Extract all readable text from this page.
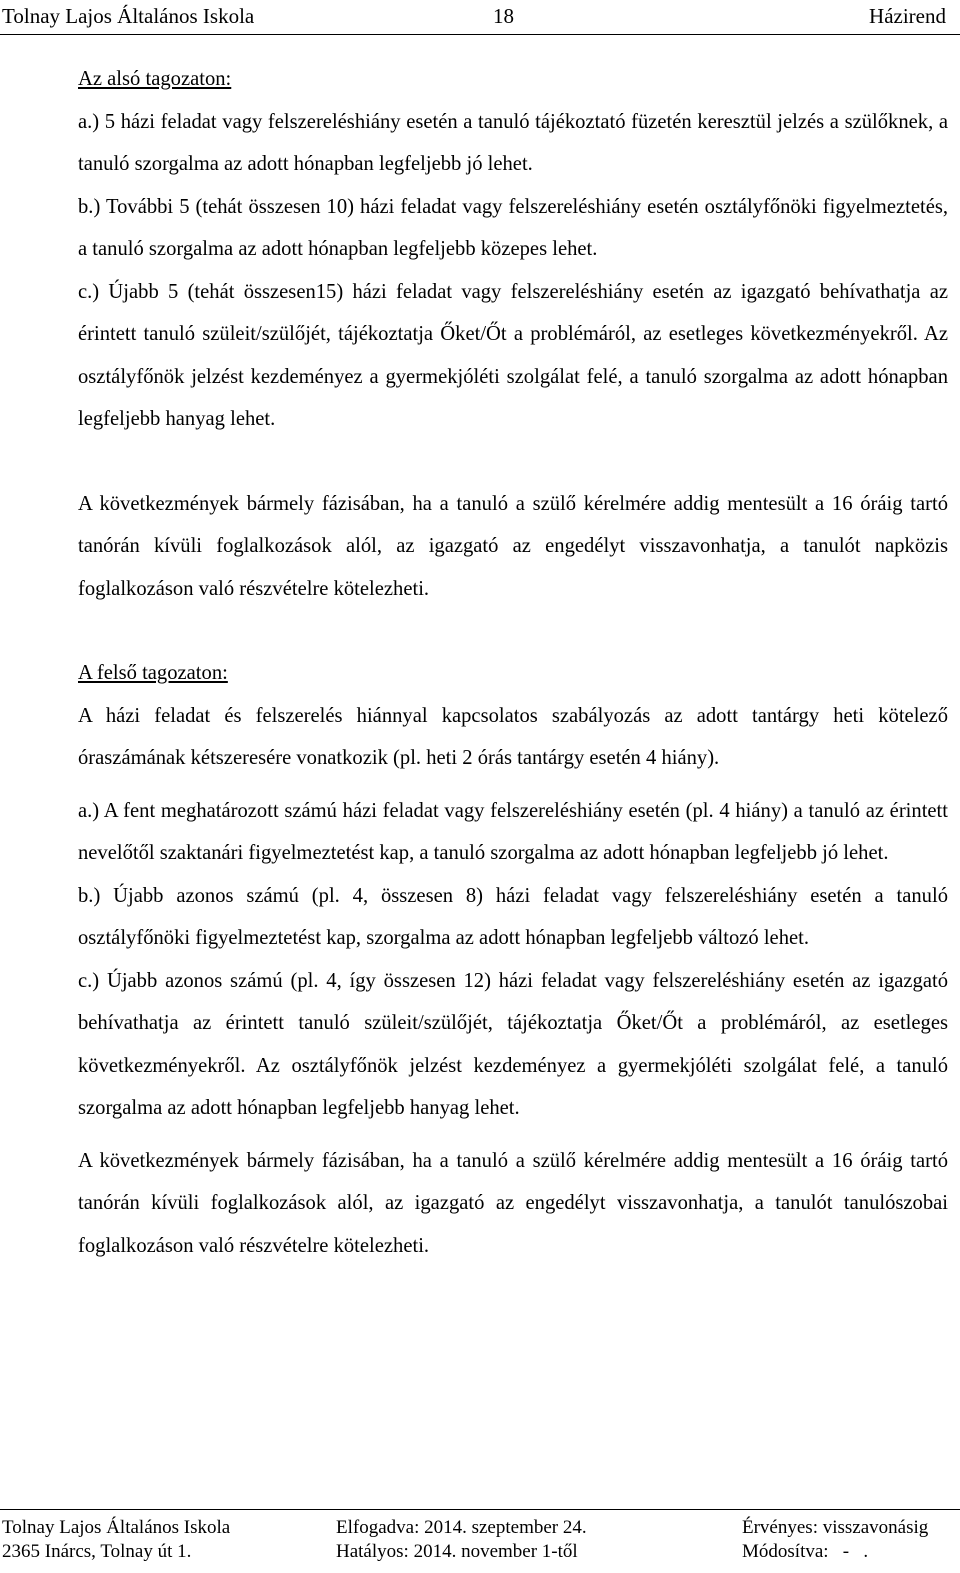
Tolnay Lajos Általános Iskola	18	Házirend

Az alsó tagozaton:

a.) 5 házi feladat vagy felszereléshiány esetén a tanuló tájékoztató füzetén keresztül jelzés a szülőknek, a tanuló szorgalma az adott hónapban legfeljebb jó lehet.

b.) További 5 (tehát összesen 10) házi feladat vagy felszereléshiány esetén osztályfőnöki figyelmeztetés, a tanuló szorgalma az adott hónapban legfeljebb közepes lehet.

c.) Újabb 5 (tehát összesen15) házi feladat vagy felszereléshiány esetén az igazgató behívathatja az érintett tanuló szüleit/szülőjét, tájékoztatja Őket/Őt a problémáról, az esetleges következményekről. Az osztályfőnök jelzést kezdeményez a gyermekjóléti szolgálat felé, a tanuló szorgalma az adott hónapban legfeljebb hanyag lehet.

A következmények bármely fázisában, ha a tanuló a szülő kérelmére addig mentesült a 16 óráig tartó tanórán kívüli foglalkozások alól, az igazgató az engedélyt visszavonhatja, a tanulót napközis foglalkozáson való részvételre kötelezheti.

A felső tagozaton:

A házi feladat és felszerelés hiánnyal kapcsolatos szabályozás az adott tantárgy heti kötelező óraszámának kétszeresére vonatkozik (pl. heti 2 órás tantárgy esetén 4 hiány).

a.) A fent meghatározott számú házi feladat vagy felszereléshiány esetén (pl. 4 hiány) a tanuló az érintett nevelőtől szaktanári figyelmeztetést kap, a tanuló szorgalma az adott hónapban legfeljebb jó lehet.

b.) Újabb azonos számú (pl. 4, összesen 8) házi feladat vagy felszereléshiány esetén a tanuló osztályfőnöki figyelmeztetést kap, szorgalma az adott hónapban legfeljebb változó lehet.

c.) Újabb azonos számú (pl. 4, így összesen 12) házi feladat vagy felszereléshiány esetén az igazgató behívathatja az érintett tanuló szüleit/szülőjét, tájékoztatja Őket/Őt a problémáról, az esetleges következményekről. Az osztályfőnök jelzést kezdeményez a gyermekjóléti szolgálat felé, a tanuló szorgalma az adott hónapban legfeljebb hanyag lehet.

A következmények bármely fázisában, ha a tanuló a szülő kérelmére addig mentesült a 16 óráig tartó tanórán kívüli foglalkozások alól, az igazgató az engedélyt visszavonhatja, a tanulót tanulószobai foglalkozáson való részvételre kötelezheti.

Tolnay Lajos Általános Iskola
2365 Inárcs, Tolnay út 1.
Elfogadva: 2014. szeptember 24.
Hatályos: 2014. november 1-től
Érvényes: visszavonásig
Módosítva:   -   .
